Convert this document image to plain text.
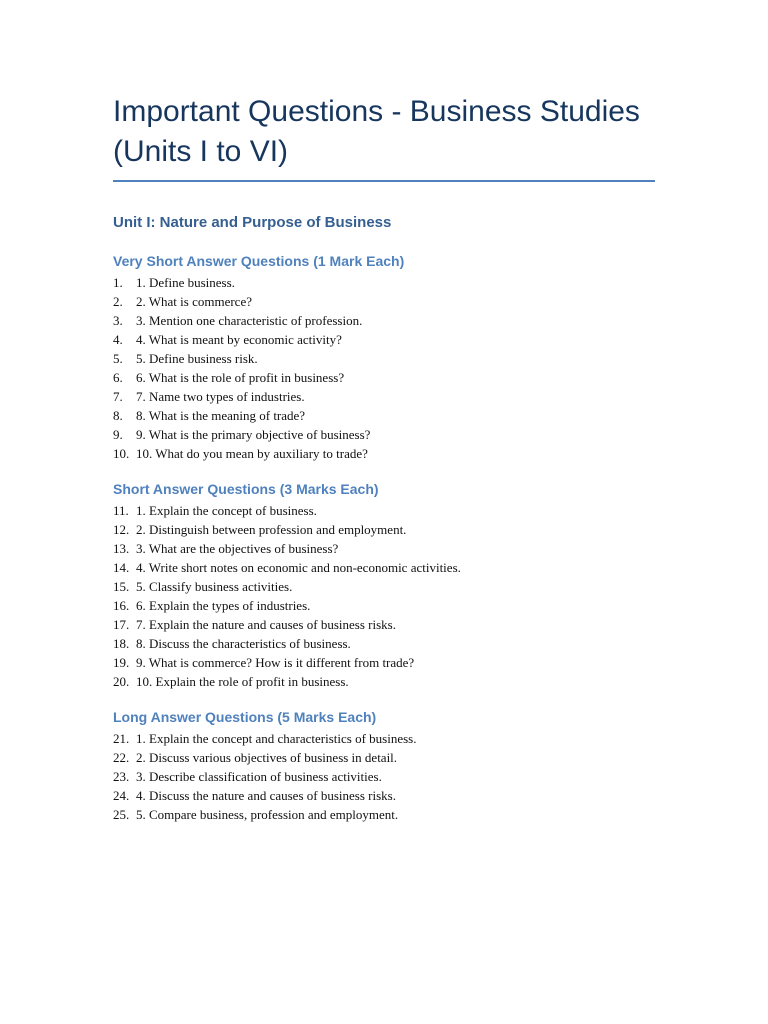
Important Questions - Business Studies (Units I to VI)
Unit I: Nature and Purpose of Business
Very Short Answer Questions (1 Mark Each)
1. 1. Define business.
2. 2. What is commerce?
3. 3. Mention one characteristic of profession.
4. 4. What is meant by economic activity?
5. 5. Define business risk.
6. 6. What is the role of profit in business?
7. 7. Name two types of industries.
8. 8. What is the meaning of trade?
9. 9. What is the primary objective of business?
10. 10. What do you mean by auxiliary to trade?
Short Answer Questions (3 Marks Each)
11. 1. Explain the concept of business.
12. 2. Distinguish between profession and employment.
13. 3. What are the objectives of business?
14. 4. Write short notes on economic and non-economic activities.
15. 5. Classify business activities.
16. 6. Explain the types of industries.
17. 7. Explain the nature and causes of business risks.
18. 8. Discuss the characteristics of business.
19. 9. What is commerce? How is it different from trade?
20. 10. Explain the role of profit in business.
Long Answer Questions (5 Marks Each)
21. 1. Explain the concept and characteristics of business.
22. 2. Discuss various objectives of business in detail.
23. 3. Describe classification of business activities.
24. 4. Discuss the nature and causes of business risks.
25. 5. Compare business, profession and employment.
